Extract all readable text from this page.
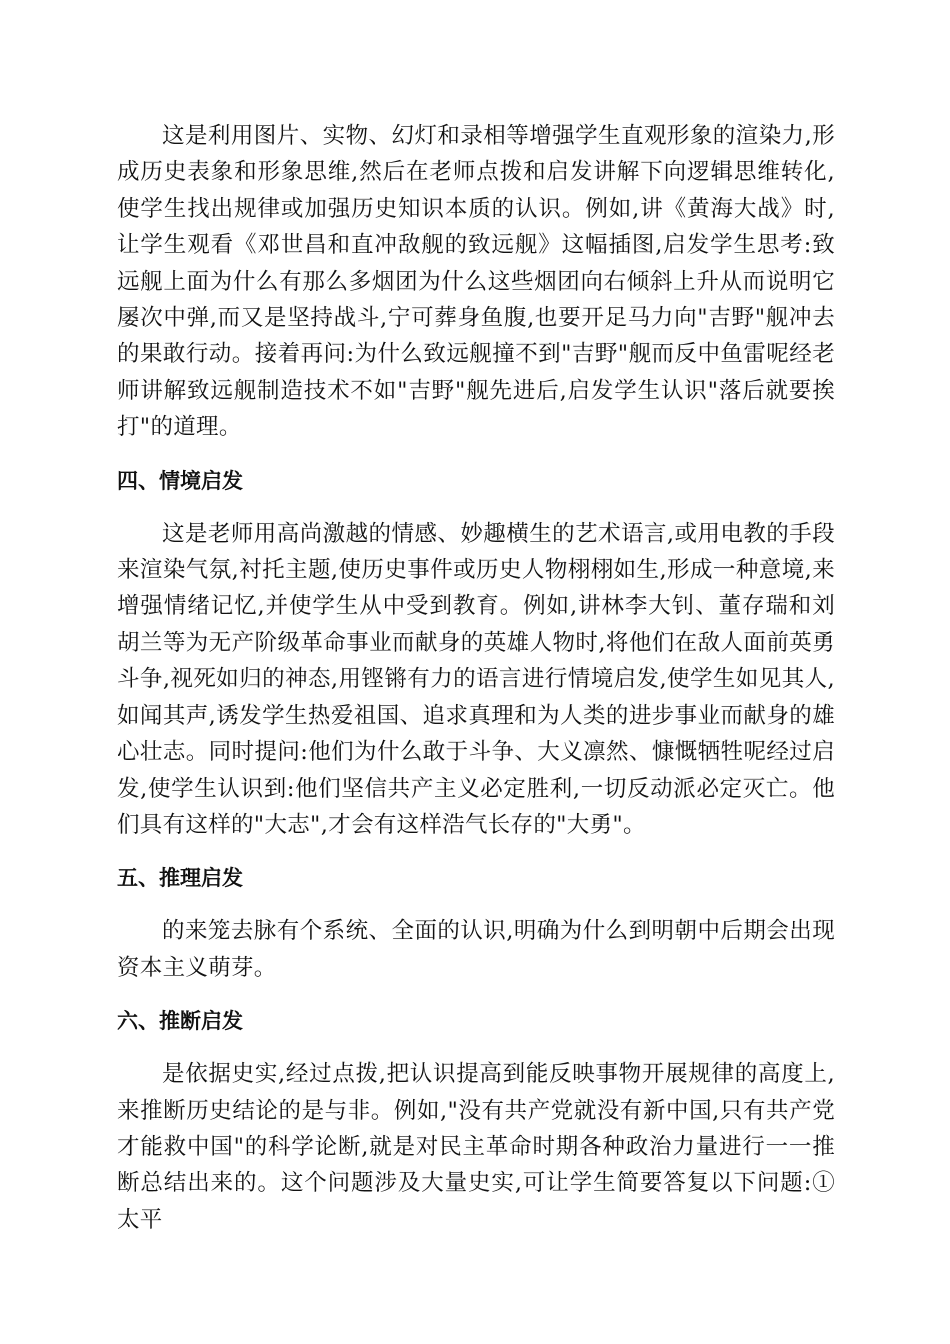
这是利用图片、实物、幻灯和录相等增强学生直观形象的渲染力,形成历史表象和形象思维,然后在老师点拨和启发讲解下向逻辑思维转化,使学生找出规律或加强历史知识本质的认识。例如,讲《黄海大战》时,让学生观看《邓世昌和直冲敌舰的致远舰》这幅插图,启发学生思考:致远舰上面为什么有那么多烟团为什么这些烟团向右倾斜上升从而说明它屡次中弹,而又是坚持战斗,宁可葬身鱼腹,也要开足马力向"吉野"舰冲去的果敢行动。接着再问:为什么致远舰撞不到"吉野"舰而反中鱼雷呢经老师讲解致远舰制造技术不如"吉野"舰先进后,启发学生认识"落后就要挨打"的道理。

四、情境启发

这是老师用高尚激越的情感、妙趣横生的艺术语言,或用电教的手段来渲染气氛,衬托主题,使历史事件或历史人物栩栩如生,形成一种意境,来增强情绪记忆,并使学生从中受到教育。例如,讲林李大钊、董存瑞和刘胡兰等为无产阶级革命事业而献身的英雄人物时,将他们在敌人面前英勇斗争,视死如归的神态,用铿锵有力的语言进行情境启发,使学生如见其人,如闻其声,诱发学生热爱祖国、追求真理和为人类的进步事业而献身的雄心壮志。同时提问:他们为什么敢于斗争、大义凛然、慷慨牺牲呢经过启发,使学生认识到:他们坚信共产主义必定胜利,一切反动派必定灭亡。他们具有这样的"大志",才会有这样浩气长存的"大勇"。

五、推理启发

的来笼去脉有个系统、全面的认识,明确为什么到明朝中后期会出现资本主义萌芽。

六、推断启发

是依据史实,经过点拨,把认识提高到能反映事物开展规律的高度上,来推断历史结论的是与非。例如,"没有共产党就没有新中国,只有共产党才能救中国"的科学论断,就是对民主革命时期各种政治力量进行一一推断总结出来的。这个问题涉及大量史实,可让学生简要答复以下问题:① 太平
